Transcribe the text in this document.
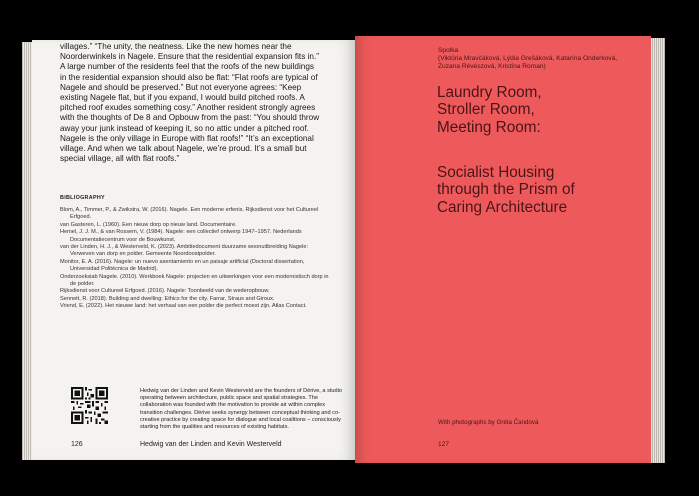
villages.” “The unity, the neatness. Like the new homes near the Noorderwinkels in Nagele. Ensure that the residential expansion fits in.” A large number of the residents feel that the roofs of the new buildings in the residential expansion should also be flat: “Flat roofs are typical of Nagele and should be preserved.” But not everyone agrees: “Keep existing Nagele flat, but if you expand, I would build pitched roofs. A pitched roof exudes something cosy.” Another resident strongly agrees with the thoughts of De 8 and Opbouw from the past: “You should throw away your junk instead of keeping it, so no attic under a pitched roof. Nagele is the only village in Europe with flat roofs!” “It’s an exceptional village. And when we talk about Nagele, we’re proud. It’s a small but special village, all with flat roofs.”
BIBLIOGRAPHY
Blom, A., Timmer, P., & Zwikstra, W. (2016). Nagele. Een moderne erfenis. Rijksdienst voor het Cultureel Erfgoed.
van Gasteren, L. (1960). Een nieuw dorp op nieuw land. Documentaire.
Hemel, J. J. M., & van Rossem, V. (1984). Nagele: een collectief ontwerp 1947–1957. Nederlands Documentatiecentrum voor de Bouwkunst.
van der Linden, H. J., & Westerveld, K. (2023). Ambitiedocument duurzame woonuitbreiding Nagele: Verweven van dorp en polder. Gemeente Noordoostpolder.
Monitor, E. A. (2016). Nagele: un nuevo asentamiento en un paisaje artificial (Doctoral dissertation, Universidad Politécnica de Madrid).
Onderzoeksiab Nagele. (2010). Werkboek Nagele: projecten en uitwerkingen voor een modernistisch dorp in de polder.
Rijksdienst voor Cultureel Erfgoed. (2016). Nagele: Toonbeeld van de wederopbouw.
Sennett, R. (2018). Building and dwelling: Ethics for the city. Farrar, Straus and Giroux.
Vriend, E. (2022). Het nieuwe land: het verhaal van een polder die perfect moest zijn. Atlas Contact.
Hedwig van der Linden and Kevin Westerveld are the founders of Dérive, a studio operating between architecture, public space and spatial strategies. The collaboration was founded with the motivation to provide air within complex transition challenges. Dérive seeks synergy between conceptual thinking and co-creative practice by creating space for dialogue and local coalitions – consciously starting from the qualities and resources of existing habitats.
126	Hedwig van der Linden and Kevin Westerveld
Spolka
(Viktória Mravčáková, Lýdia Grešáková, Katarína Onderková,
Zuzana Révészová, Kristína Roman)
Laundry Room,
Stroller Room,
Meeting Room:
Socialist Housing
through the Prism of
Caring Architecture
With photographs by Gréta Čandová
127
